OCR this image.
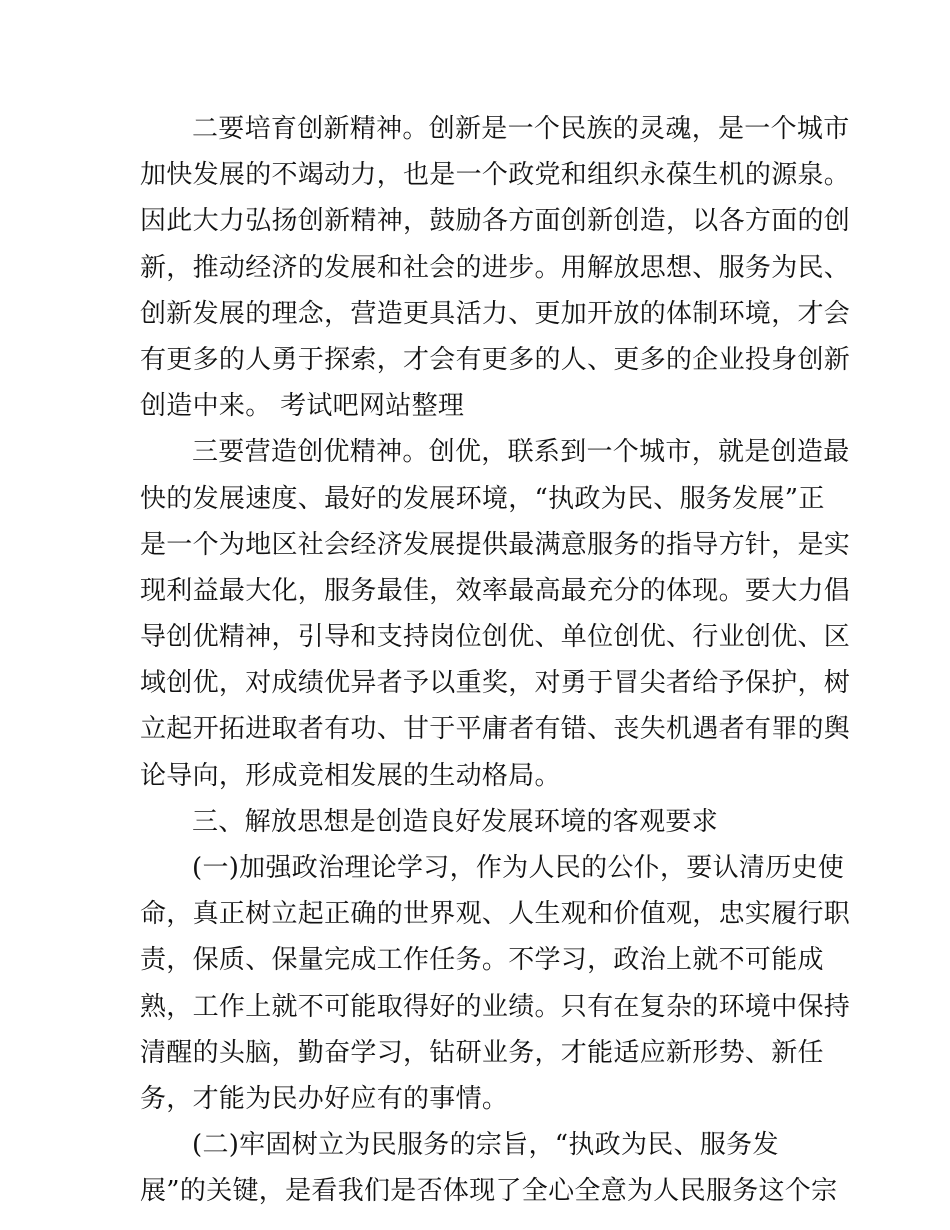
二要培育创新精神。创新是一个民族的灵魂，是一个城市
加快发展的不竭动力，也是一个政党和组织永葆生机的源泉。
因此大力弘扬创新精神，鼓励各方面创新创造，以各方面的创
新，推动经济的发展和社会的进步。用解放思想、服务为民、
创新发展的理念，营造更具活力、更加开放的体制环境，才会
有更多的人勇于探索，才会有更多的人、更多的企业投身创新
创造中来。 考试吧网站整理
三要营造创优精神。创优，联系到一个城市，就是创造最
快的发展速度、最好的发展环境，“执政为民、服务发展”正
是一个为地区社会经济发展提供最满意服务的指导方针，是实
现利益最大化，服务最佳，效率最高最充分的体现。要大力倡
导创优精神，引导和支持岗位创优、单位创优、行业创优、区
域创优，对成绩优异者予以重奖，对勇于冒尖者给予保护，树
立起开拓进取者有功、甘于平庸者有错、丧失机遇者有罪的舆
论导向，形成竞相发展的生动格局。
三、解放思想是创造良好发展环境的客观要求
(一)加强政治理论学习，作为人民的公仆，要认清历史使
命，真正树立起正确的世界观、人生观和价值观，忠实履行职
责，保质、保量完成工作任务。不学习，政治上就不可能成
熟，工作上就不可能取得好的业绩。只有在复杂的环境中保持
清醒的头脑，勤奋学习，钻研业务，才能适应新形势、新任
务，才能为民办好应有的事情。
(二)牢固树立为民服务的宗旨，“执政为民、服务发
展”的关键，是看我们是否体现了全心全意为人民服务这个宗
